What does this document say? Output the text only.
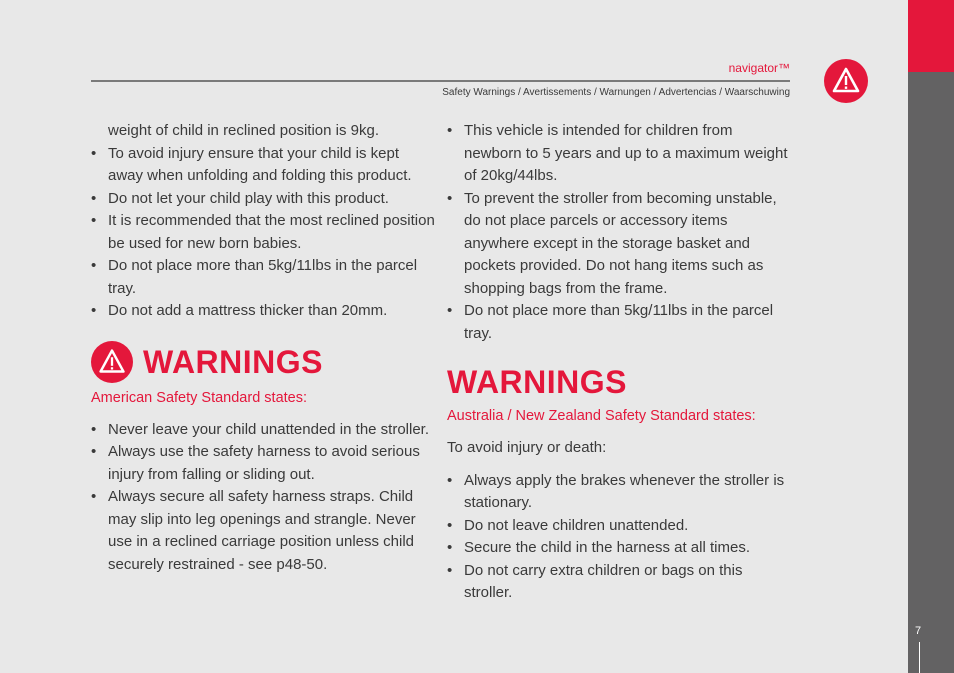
7
navigator™
Safety Warnings / Avertissements / Warnungen / Advertencias / Waarschuwing
weight of child in reclined position is 9kg.
• To avoid injury ensure that your child is kept away when unfolding and folding this product.
• Do not let your child play with this product.
• It is recommended that the most reclined position be used for new born babies.
• Do not place more than 5kg/11lbs in the parcel tray.
• Do not add a mattress thicker than 20mm.
WARNINGS
American Safety Standard states:
• Never leave your child unattended in the stroller.
• Always use the safety harness to avoid serious injury from falling or sliding out.
• Always secure all safety harness straps. Child may slip into leg openings and strangle. Never use in a reclined carriage position unless child securely restrained - see p48-50.
• This vehicle is intended for children from newborn to 5 years and up to a maximum weight of 20kg/44lbs.
• To prevent the stroller from becoming unstable, do not place parcels or accessory items anywhere except in the storage basket and pockets provided. Do not hang items such as shopping bags from the frame.
• Do not place more than 5kg/11lbs in the parcel tray.
WARNINGS
Australia / New Zealand Safety Standard states:
To avoid injury or death:
• Always apply the brakes whenever the stroller is stationary.
• Do not leave children unattended.
• Secure the child in the harness at all times.
• Do not carry extra children or bags on this stroller.
